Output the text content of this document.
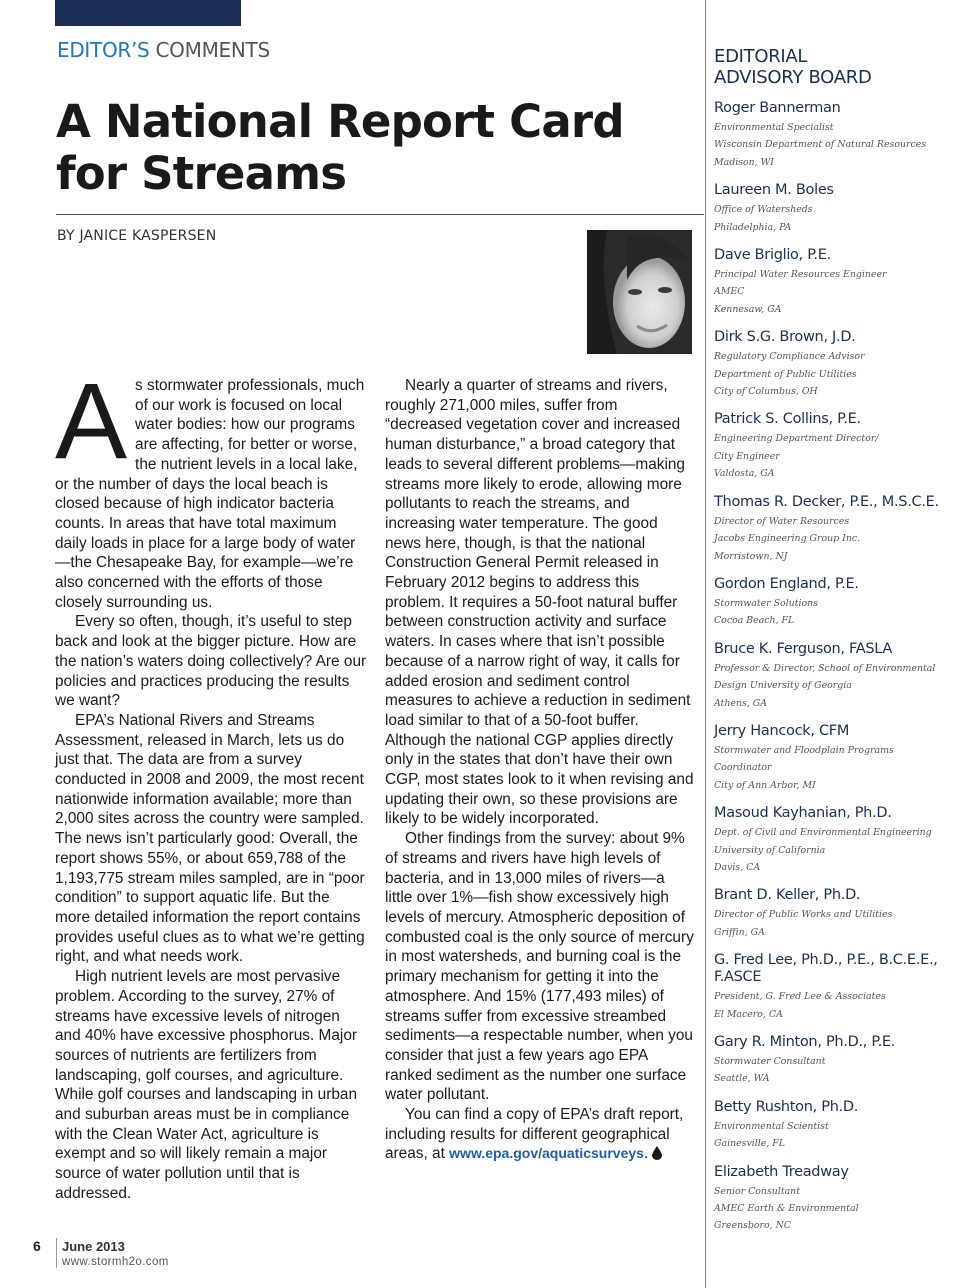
EDITOR’S COMMENTS
A National Report Card
for Streams
BY JANICE KASPERSEN
A s stormwater professionals, much of our work is focused on local water bodies: how our programs are affecting, for better or worse, the nutrient levels in a local lake, or the number of days the local beach is closed because of high indicator bacteria counts. In areas that have total maximum daily loads in place for a large body of water—the Chesapeake Bay, for example—we’re also concerned with the efforts of those closely surrounding us.

Every so often, though, it’s useful to step back and look at the bigger picture. How are the nation’s waters doing collectively? Are our policies and practices producing the results we want?

EPA’s National Rivers and Streams Assessment, released in March, lets us do just that. The data are from a survey conducted in 2008 and 2009, the most recent nationwide information available; more than 2,000 sites across the country were sampled. The news isn’t particularly good: Overall, the report shows 55%, or about 659,788 of the 1,193,775 stream miles sampled, are in “poor condition” to support aquatic life. But the more detailed information the report contains provides useful clues as to what we’re getting right, and what needs work.

High nutrient levels are most pervasive problem. According to the survey, 27% of streams have excessive levels of nitrogen and 40% have excessive phosphorus. Major sources of nutrients are fertilizers from landscaping, golf courses, and agriculture. While golf courses and landscaping in urban and suburban areas must be in compliance with the Clean Water Act, agriculture is exempt and so will likely remain a major source of water pollution until that is addressed.

Nearly a quarter of streams and rivers, roughly 271,000 miles, suffer from “decreased vegetation cover and increased human disturbance,” a broad category that leads to several different problems—making streams more likely to erode, allowing more pollutants to reach the streams, and increasing water temperature. The good news here, though, is that the national Construction General Permit released in February 2012 begins to address this problem. It requires a 50-foot natural buffer between construction activity and surface waters. In cases where that isn’t possible because of a narrow right of way, it calls for added erosion and sediment control measures to achieve a reduction in sediment load similar to that of a 50-foot buffer. Although the national CGP applies directly only in the states that don’t have their own CGP, most states look to it when revising and updating their own, so these provisions are likely to be widely incorporated.

Other findings from the survey: about 9% of streams and rivers have high levels of bacteria, and in 13,000 miles of rivers—a little over 1%—fish show excessively high levels of mercury. Atmospheric deposition of combusted coal is the only source of mercury in most watersheds, and burning coal is the primary mechanism for getting it into the atmosphere. And 15% (177,493 miles) of streams suffer from excessive streambed sediments—a respectable number, when you consider that just a few years ago EPA ranked sediment as the number one surface water pollutant.

You can find a copy of EPA’s draft report, including results for different geographical areas, at www.epa.gov/aquaticsurveys.

EDITORIAL
ADVISORY BOARD
Roger Bannerman
Environmental Specialist
Wisconsin Department of Natural Resources
Madison, WI
Laureen M. Boles
Office of Watersheds
Philadelphia, PA
Dave Briglio, P.E.
Principal Water Resources Engineer
AMEC
Kennesaw, GA
Dirk S.G. Brown, J.D.
Regulatory Compliance Advisor
Department of Public Utilities
City of Columbus, OH
Patrick S. Collins, P.E.
Engineering Department Director/
City Engineer
Valdosta, GA
Thomas R. Decker, P.E., M.S.C.E.
Director of Water Resources
Jacobs Engineering Group Inc.
Morristown, NJ
Gordon England, P.E.
Stormwater Solutions
Cocoa Beach, FL
Bruce K. Ferguson, FASLA
Professor & Director, School of Environmental
Design University of Georgia
Athens, GA
Jerry Hancock, CFM
Stormwater and Floodplain Programs
Coordinator
City of Ann Arbor, MI
Masoud Kayhanian, Ph.D.
Dept. of Civil and Environmental Engineering
University of California
Davis, CA
Brant D. Keller, Ph.D.
Director of Public Works and Utilities
Griffin, GA
G. Fred Lee, Ph.D., P.E., B.C.E.E., F.ASCE
President, G. Fred Lee & Associates
El Macero, CA
Gary R. Minton, Ph.D., P.E.
Stormwater Consultant
Seattle, WA
Betty Rushton, Ph.D.
Environmental Scientist
Gainesville, FL
Elizabeth Treadway
Senior Consultant
AMEC Earth & Environmental
Greensboro, NC
6 June 2013
www.stormh2o.com
